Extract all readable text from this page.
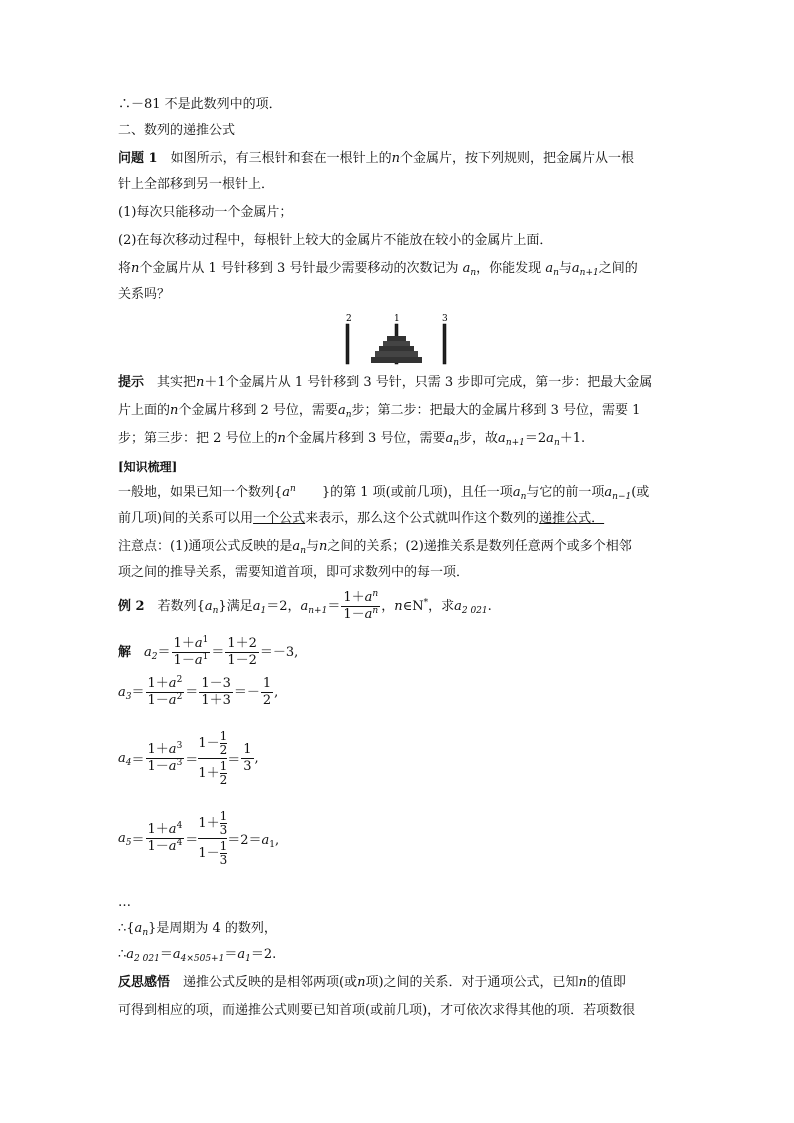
∴－81 不是此数列中的项．
二、数列的递推公式
问题 1　如图所示，有三根针和套在一根针上的n个金属片，按下列规则，把金属片从一根
针上全部移到另一根针上．
(1)每次只能移动一个金属片；
(2)在每次移动过程中，每根针上较大的金属片不能放在较小的金属片上面．
将n个金属片从 1 号针移到 3 号针最少需要移动的次数记为 $a_n$，你能发现 $a_n$与$a_{n+1}$之间的
关系吗？
2	1	3
提示　其实把n＋1个金属片从 1 号针移到 3 号针，只需 3 步即可完成，第一步：把最大金属
片上面的n个金属片移到 2 号位，需要$a_n$步；第二步：把最大的金属片移到 3 号位，需要 1
步；第三步：把 2 号位上的n个金属片移到 3 号位，需要$a_n$步，故$a_{n+1}=2a_n+1$.
[知识梳理]
一般地，如果已知一个数列{$a^n$　　 }的第 1 项(或前几项)，且任一项$a_n$与它的前一项$a_{n-1}$(或
前几项)间的关系可以用一个公式来表示，那么这个公式就叫作这个数列的递推公式．
注意点：(1)通项公式反映的是$a_n$与n之间的关系；(2)递推关系是数列任意两个或多个相邻
项之间的推导关系，需要知道首项，即可求数列中的每一项．
例 2　若数列$\{a_n\}$满足$a_1=2$，$a_{n+1}= \frac{1+a^n}{1-a^n}$ ，n∈N*，求$a_{2 021}$.
解　 $a_2= \frac{1+a^1}{1-a^1} = \frac{1+2}{1-2} =-3$,
$a_3= \frac{1+a^2}{1-a^2} = \frac{1-3}{1+3} =- \frac{1}{2}$ ,
$a_4= \frac{1+a^3}{1-a^3} = \frac{1- \frac{1}{2}}{1+ \frac{1}{2}} = \frac{1}{3}$ ,
$a_5= \frac{1+a^4}{1-a^4} = \frac{1+ \frac{1}{3}}{1- \frac{1}{3}} =2=a_1$,
…
$\therefore\{a_n\}$是周期为 4 的数列，
$\therefore a_{2 021}=a_{4\times 505+1}=a_1=2$.
反思感悟　递推公式反映的是相邻两项(或n项)之间的关系．对于通项公式，已知n的值即
可得到相应的项，而递推公式则要已知首项(或前几项)，才可依次求得其他的项．若项数很
